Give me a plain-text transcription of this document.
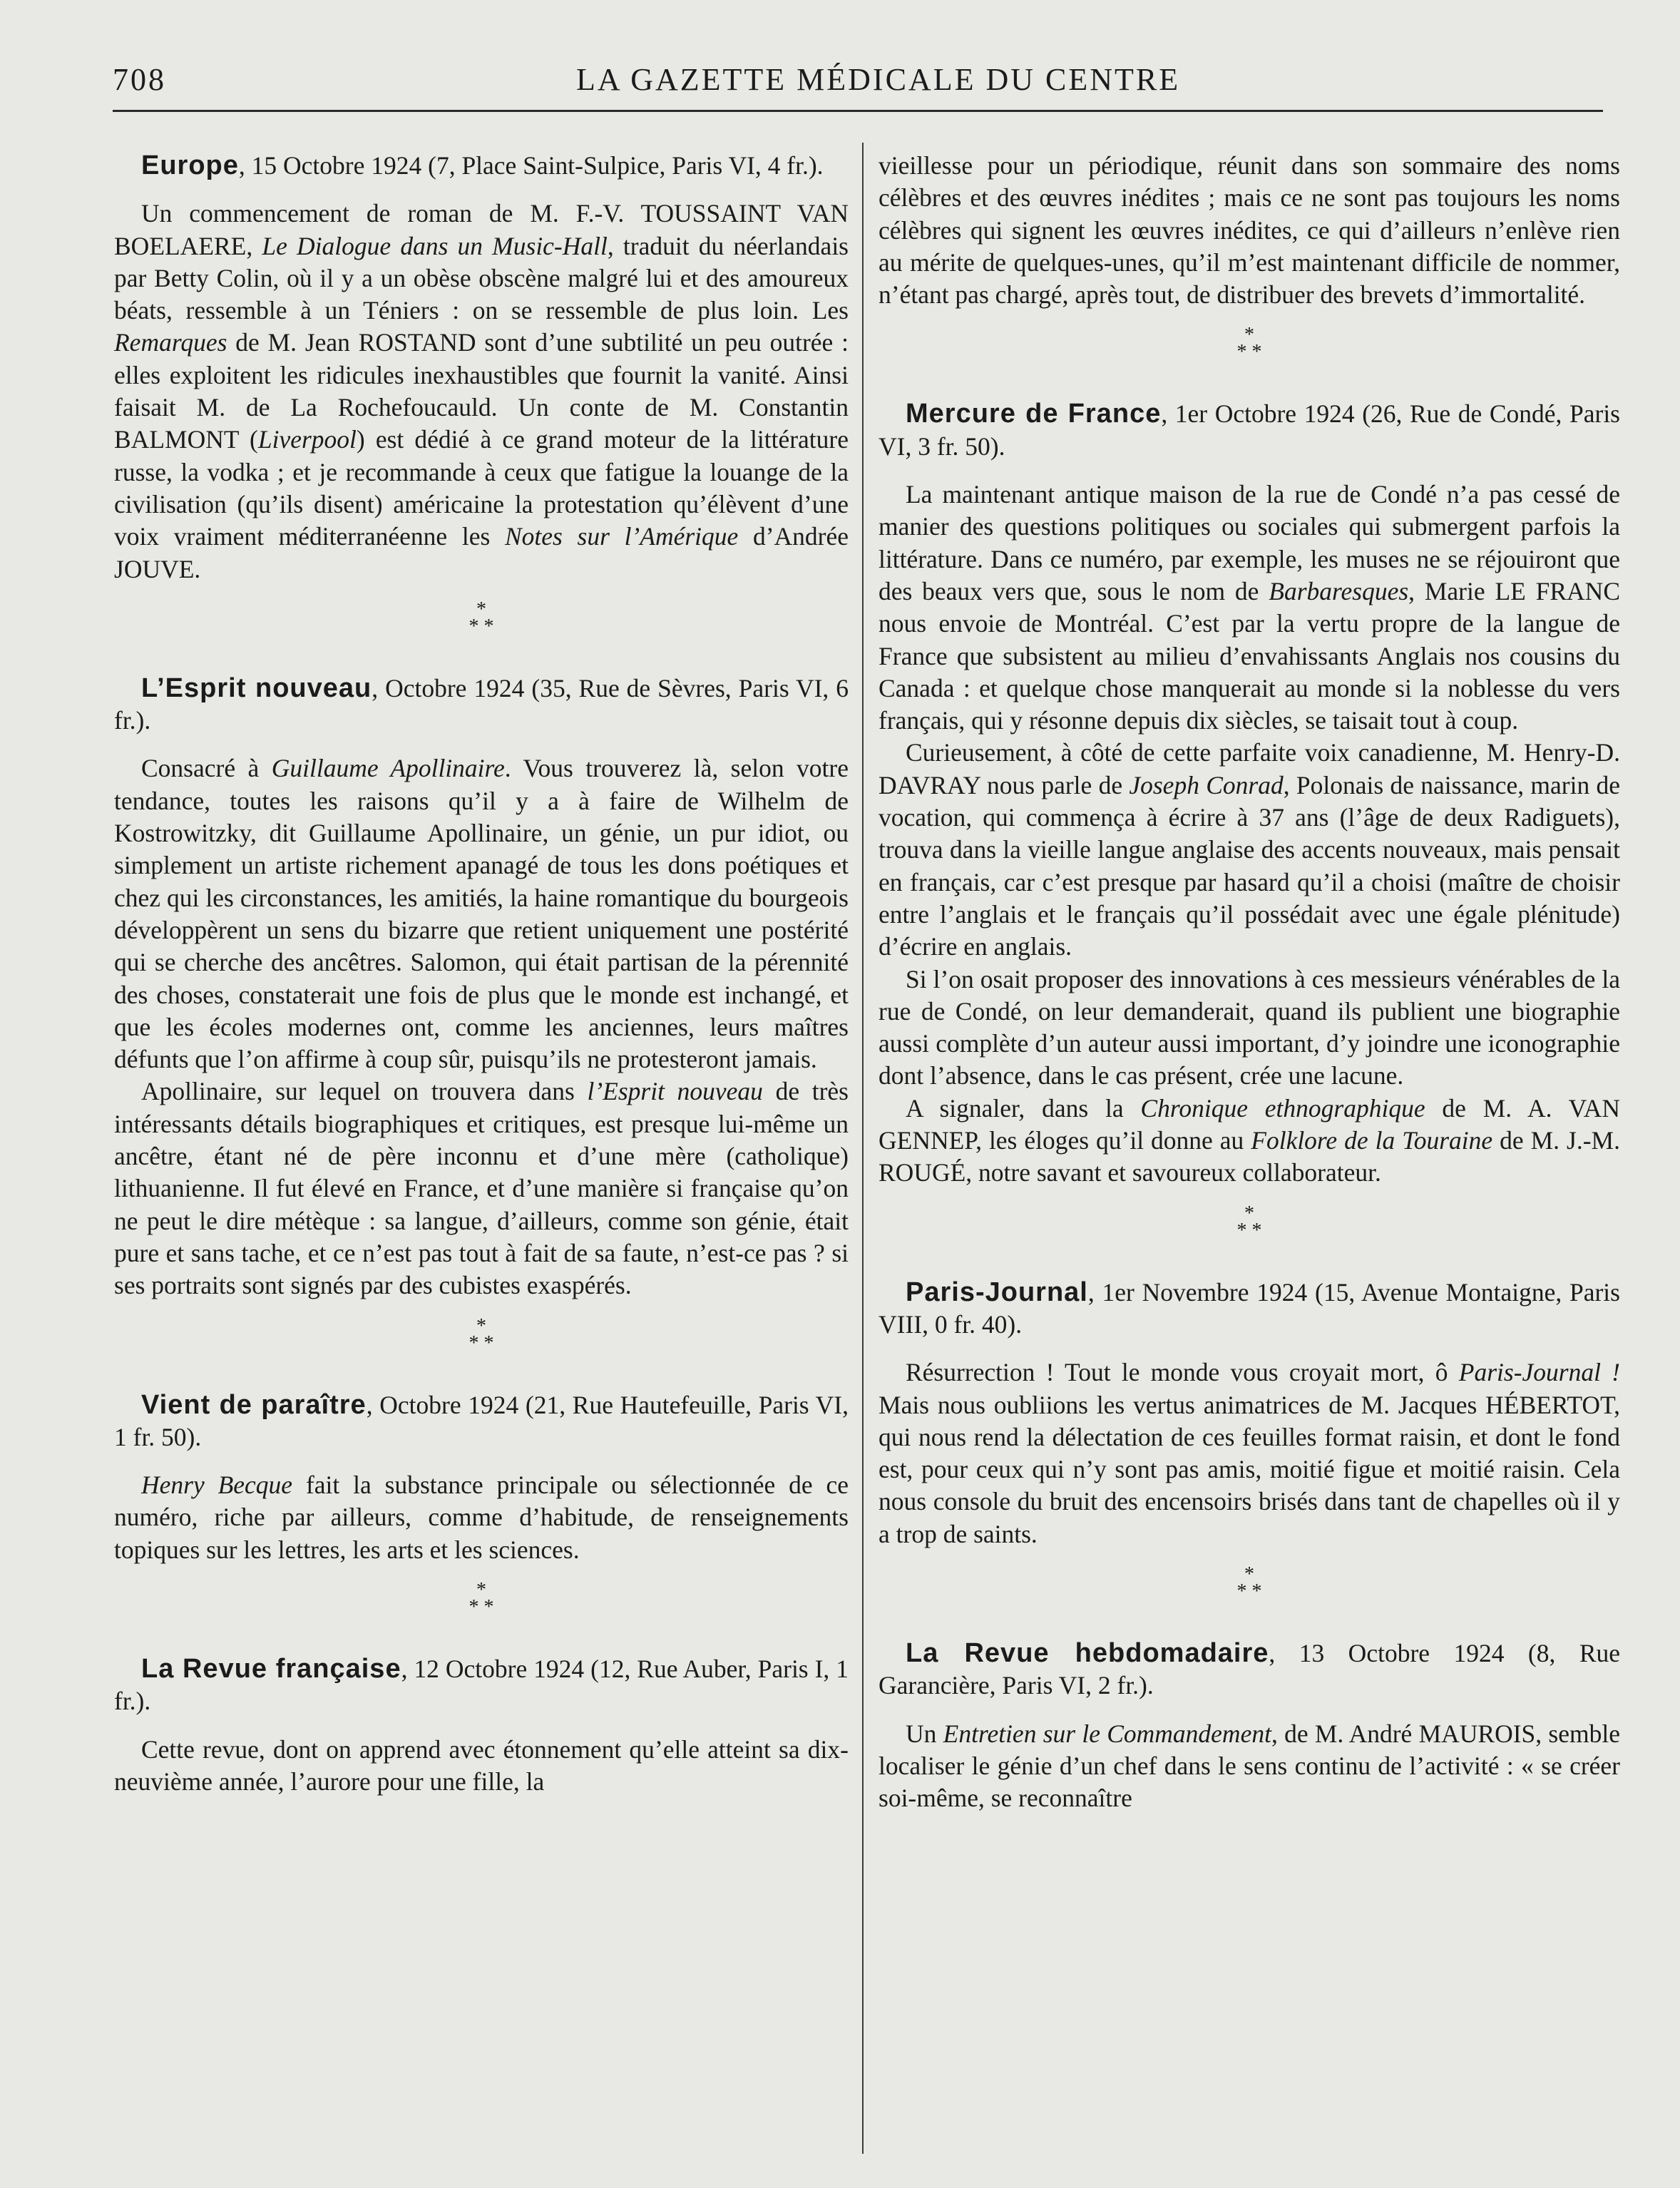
708	LA GAZETTE MÉDICALE DU CENTRE

Europe, 15 Octobre 1924 (7, Place Saint-Sulpice, Paris VI, 4 fr.).

Un commencement de roman de M. F.-V. TOUSSAINT VAN BOELAERE, Le Dialogue dans un Music-Hall, traduit du néerlandais par Betty Colin, où il y a un obèse obscène malgré lui et des amoureux béats, ressemble à un Téniers : on se ressemble de plus loin. Les Remarques de M. Jean ROSTAND sont d’une subtilité un peu outrée : elles exploitent les ridicules inexhaustibles que fournit la vanité. Ainsi faisait M. de La Rochefoucauld. Un conte de M. Constantin BALMONT (Liverpool) est dédié à ce grand moteur de la littérature russe, la vodka ; et je recommande à ceux que fatigue la louange de la civilisation (qu’ils disent) américaine la protestation qu’élèvent d’une voix vraiment méditerranéenne les Notes sur l’Amérique d’Andrée JOUVE.

*
* *

L’Esprit nouveau, Octobre 1924 (35, Rue de Sèvres, Paris VI, 6 fr.).

Consacré à Guillaume Apollinaire. Vous trouverez là, selon votre tendance, toutes les raisons qu’il y a à faire de Wilhelm de Kostrowitzky, dit Guillaume Apollinaire, un génie, un pur idiot, ou simplement un artiste richement apanagé de tous les dons poétiques et chez qui les circonstances, les amitiés, la haine romantique du bourgeois développèrent un sens du bizarre que retient uniquement une postérité qui se cherche des ancêtres. Salomon, qui était partisan de la pérennité des choses, constaterait une fois de plus que le monde est inchangé, et que les écoles modernes ont, comme les anciennes, leurs maîtres défunts que l’on affirme à coup sûr, puisqu’ils ne protesteront jamais.

Apollinaire, sur lequel on trouvera dans l’Esprit nouveau de très intéressants détails biographiques et critiques, est presque lui-même un ancêtre, étant né de père inconnu et d’une mère (catholique) lithuanienne. Il fut élevé en France, et d’une manière si française qu’on ne peut le dire métèque : sa langue, d’ailleurs, comme son génie, était pure et sans tache, et ce n’est pas tout à fait de sa faute, n’est-ce pas ? si ses portraits sont signés par des cubistes exaspérés.

*
* *

Vient de paraître, Octobre 1924 (21, Rue Hautefeuille, Paris VI, 1 fr. 50).

Henry Becque fait la substance principale ou sélectionnée de ce numéro, riche par ailleurs, comme d’habitude, de renseignements topiques sur les lettres, les arts et les sciences.

*
* *

La Revue française, 12 Octobre 1924 (12, Rue Auber, Paris I, 1 fr.).

Cette revue, dont on apprend avec étonnement qu’elle atteint sa dix-neuvième année, l’aurore pour une fille, la

vieillesse pour un périodique, réunit dans son sommaire des noms célèbres et des œuvres inédites ; mais ce ne sont pas toujours les noms célèbres qui signent les œuvres inédites, ce qui d’ailleurs n’enlève rien au mérite de quelques-unes, qu’il m’est maintenant difficile de nommer, n’étant pas chargé, après tout, de distribuer des brevets d’immortalité.

*
* *

Mercure de France, 1er Octobre 1924 (26, Rue de Condé, Paris VI, 3 fr. 50).

La maintenant antique maison de la rue de Condé n’a pas cessé de manier des questions politiques ou sociales qui submergent parfois la littérature. Dans ce numéro, par exemple, les muses ne se réjouiront que des beaux vers que, sous le nom de Barbaresques, Marie LE FRANC nous envoie de Montréal. C’est par la vertu propre de la langue de France que subsistent au milieu d’envahissants Anglais nos cousins du Canada : et quelque chose manquerait au monde si la noblesse du vers français, qui y résonne depuis dix siècles, se taisait tout à coup.

Curieusement, à côté de cette parfaite voix canadienne, M. Henry-D. DAVRAY nous parle de Joseph Conrad, Polonais de naissance, marin de vocation, qui commença à écrire à 37 ans (l’âge de deux Radiguets), trouva dans la vieille langue anglaise des accents nouveaux, mais pensait en français, car c’est presque par hasard qu’il a choisi (maître de choisir entre l’anglais et le français qu’il possédait avec une égale plénitude) d’écrire en anglais.

Si l’on osait proposer des innovations à ces messieurs vénérables de la rue de Condé, on leur demanderait, quand ils publient une biographie aussi complète d’un auteur aussi important, d’y joindre une iconographie dont l’absence, dans le cas présent, crée une lacune.

A signaler, dans la Chronique ethnographique de M. A. VAN GENNEP, les éloges qu’il donne au Folklore de la Touraine de M. J.-M. ROUGÉ, notre savant et savoureux collaborateur.

*
* *

Paris-Journal, 1er Novembre 1924 (15, Avenue Montaigne, Paris VIII, 0 fr. 40).

Résurrection ! Tout le monde vous croyait mort, ô Paris-Journal ! Mais nous oubliions les vertus animatrices de M. Jacques HÉBERTOT, qui nous rend la délectation de ces feuilles format raisin, et dont le fond est, pour ceux qui n’y sont pas amis, moitié figue et moitié raisin. Cela nous console du bruit des encensoirs brisés dans tant de chapelles où il y a trop de saints.

*
* *

La Revue hebdomadaire, 13 Octobre 1924 (8, Rue Garancière, Paris VI, 2 fr.).

Un Entretien sur le Commandement, de M. André MAUROIS, semble localiser le génie d’un chef dans le sens continu de l’activité : « se créer soi-même, se reconnaître
